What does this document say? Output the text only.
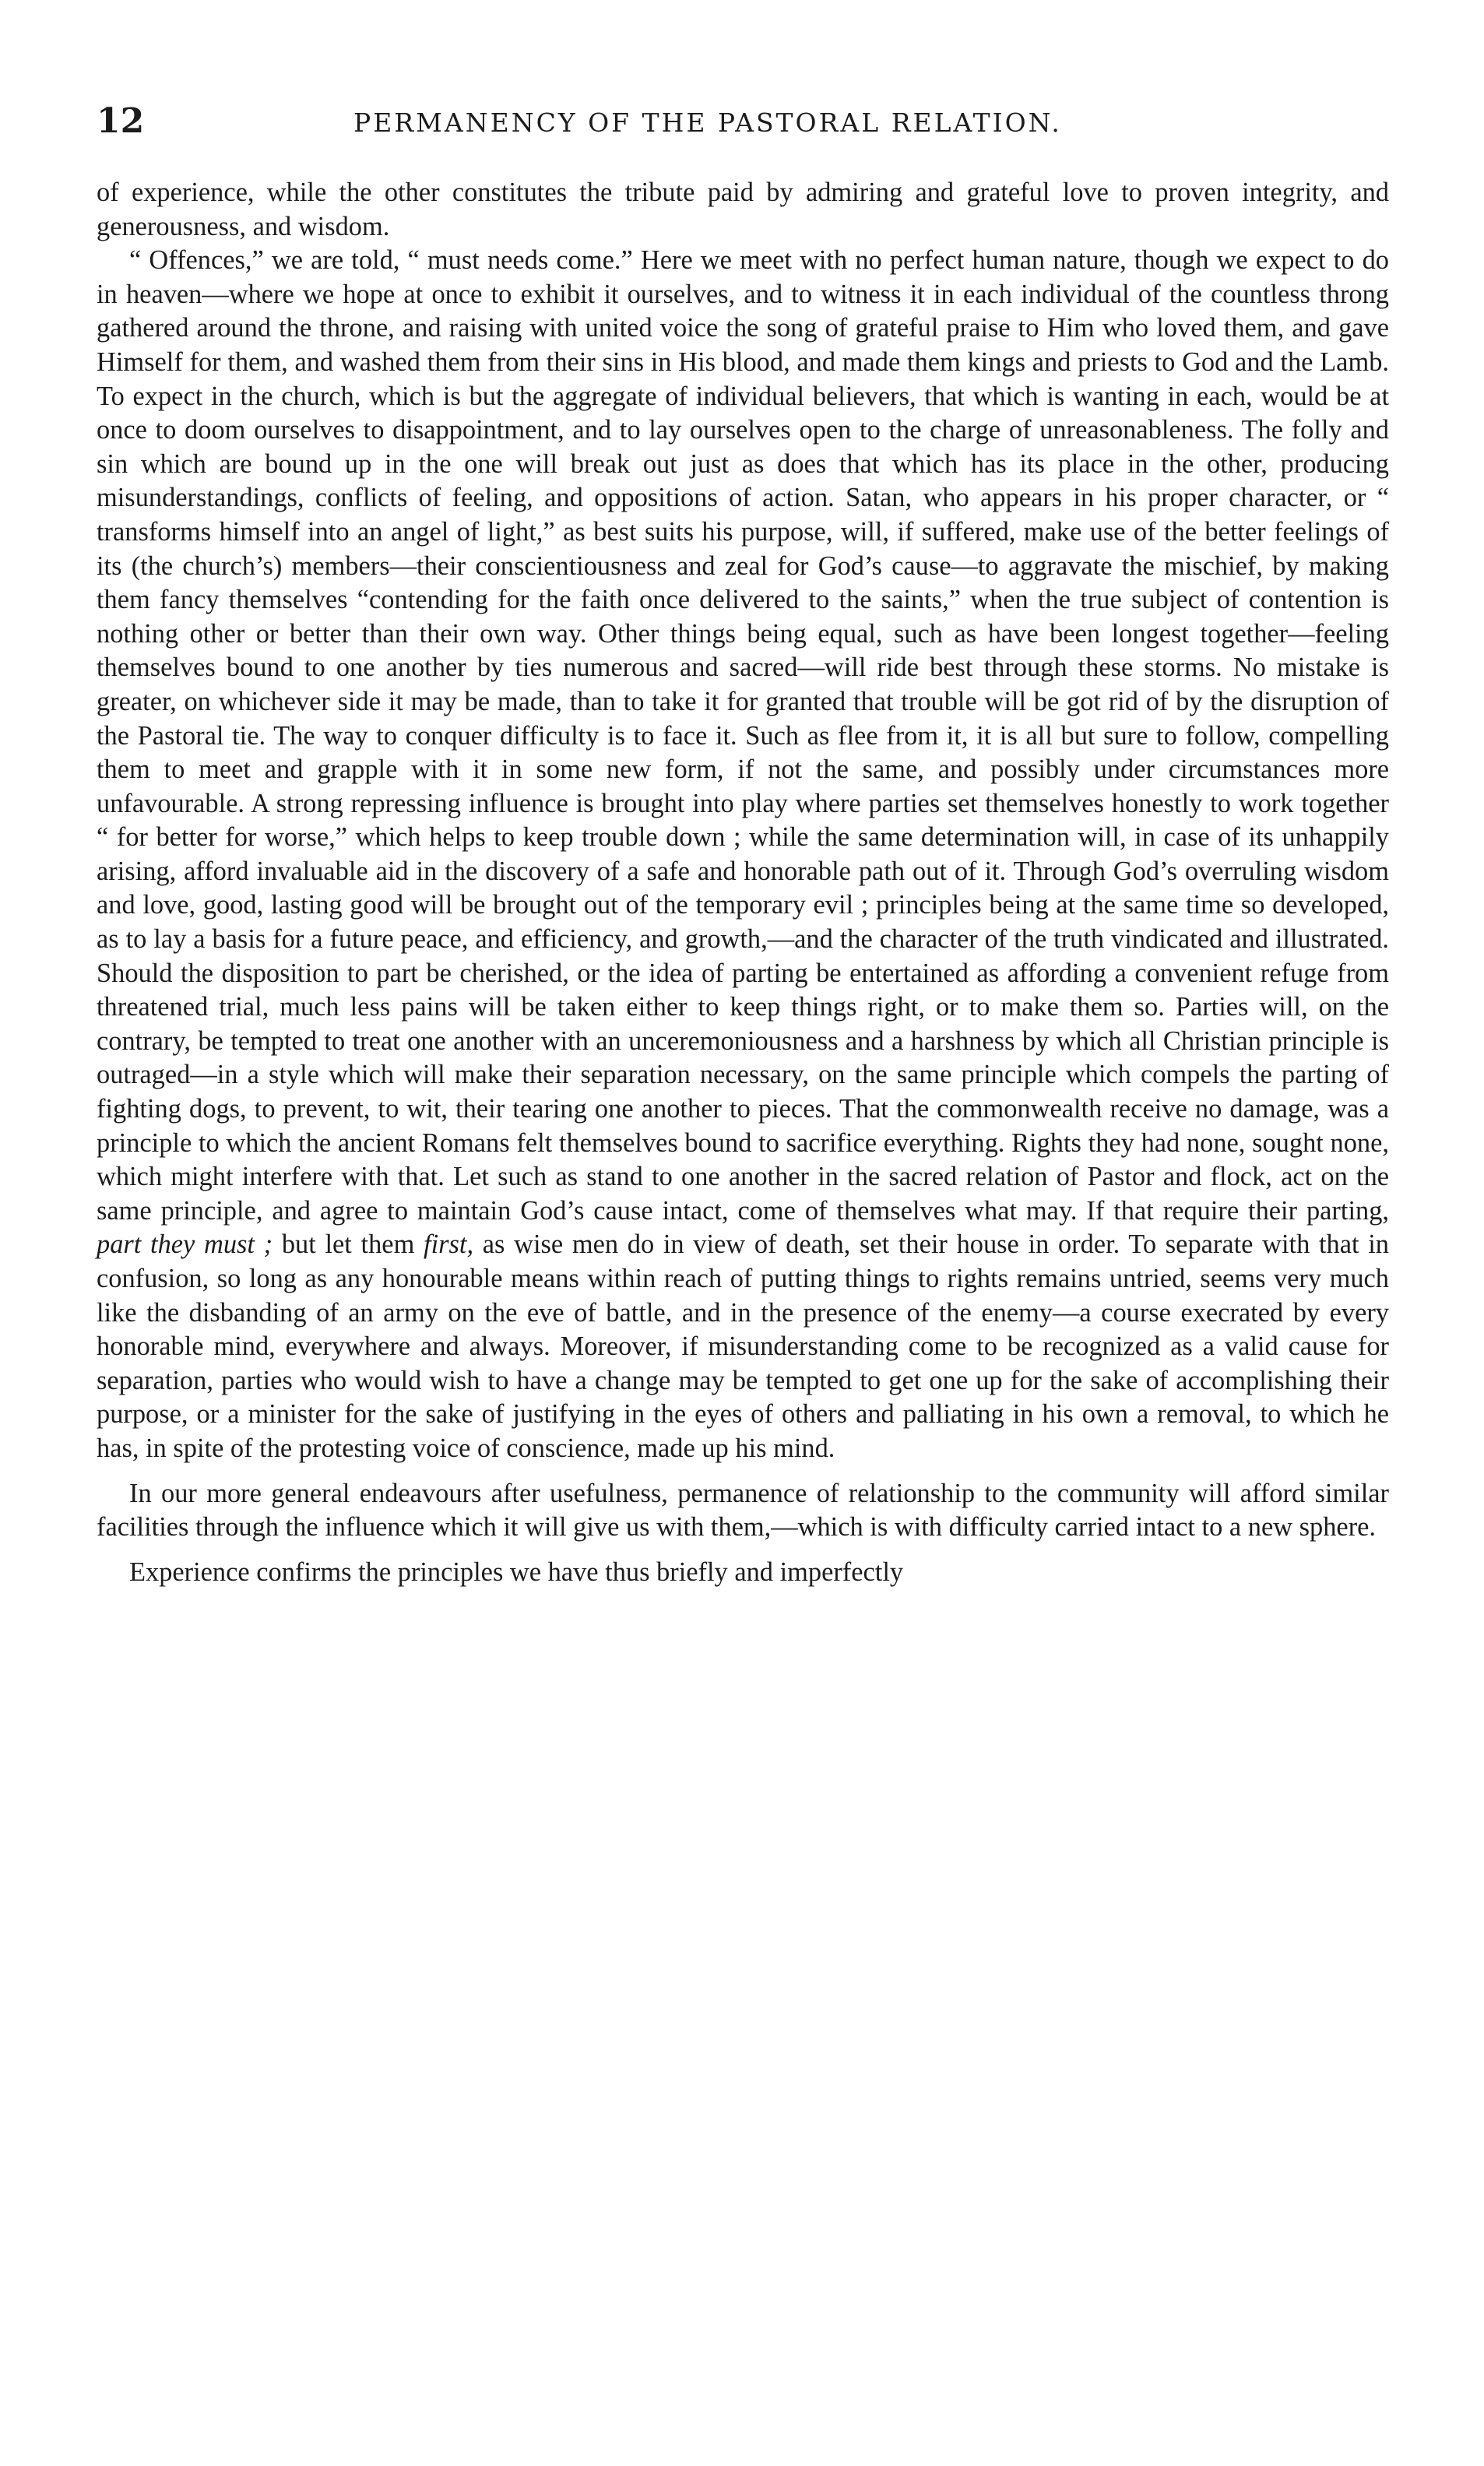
12	PERMANENCY OF THE PASTORAL RELATION.

of experience, while the other constitutes the tribute paid by admiring and grateful love to proven integrity, and generousness, and wisdom.

“ Offences,” we are told, “ must needs come.” Here we meet with no perfect human nature, though we expect to do in heaven—where we hope at once to exhibit it ourselves, and to witness it in each individual of the countless throng gathered around the throne, and raising with united voice the song of grateful praise to Him who loved them, and gave Himself for them, and washed them from their sins in His blood, and made them kings and priests to God and the Lamb. To expect in the church, which is but the aggregate of individual believers, that which is wanting in each, would be at once to doom ourselves to disappointment, and to lay ourselves open to the charge of unreasonableness. The folly and sin which are bound up in the one will break out just as does that which has its place in the other, producing misunderstandings, conflicts of feeling, and oppositions of action. Satan, who appears in his proper character, or “ transforms himself into an angel of light,” as best suits his purpose, will, if suffered, make use of the better feelings of its (the church’s) members—their conscientiousness and zeal for God’s cause—to aggravate the mischief, by making them fancy themselves “contending for the faith once delivered to the saints,” when the true subject of contention is nothing other or better than their own way. Other things being equal, such as have been longest together—feeling themselves bound to one another by ties numerous and sacred—will ride best through these storms. No mistake is greater, on whichever side it may be made, than to take it for granted that trouble will be got rid of by the disruption of the Pastoral tie. The way to conquer difficulty is to face it. Such as flee from it, it is all but sure to follow, compelling them to meet and grapple with it in some new form, if not the same, and possibly under circumstances more unfavourable. A strong repressing influence is brought into play where parties set themselves honestly to work together “ for better for worse,” which helps to keep trouble down ; while the same determination will, in case of its unhappily arising, afford invaluable aid in the discovery of a safe and honorable path out of it. Through God’s overruling wisdom and love, good, lasting good will be brought out of the temporary evil ; principles being at the same time so developed, as to lay a basis for a future peace, and efficiency, and growth,—and the character of the truth vindicated and illustrated. Should the disposition to part be cherished, or the idea of parting be entertained as affording a convenient refuge from threatened trial, much less pains will be taken either to keep things right, or to make them so. Parties will, on the contrary, be tempted to treat one another with an unceremoniousness and a harshness by which all Christian principle is outraged—in a style which will make their separation necessary, on the same principle which compels the parting of fighting dogs, to prevent, to wit, their tearing one another to pieces. That the commonwealth receive no damage, was a principle to which the ancient Romans felt themselves bound to sacrifice everything. Rights they had none, sought none, which might interfere with that. Let such as stand to one another in the sacred relation of Pastor and flock, act on the same principle, and agree to maintain God’s cause intact, come of themselves what may. If that require their parting, part they must ; but let them first, as wise men do in view of death, set their house in order. To separate with that in confusion, so long as any honourable means within reach of putting things to rights remains untried, seems very much like the disbanding of an army on the eve of battle, and in the presence of the enemy—a course execrated by every honorable mind, everywhere and always. Moreover, if misunderstanding come to be recognized as a valid cause for separation, parties who would wish to have a change may be tempted to get one up for the sake of accomplishing their purpose, or a minister for the sake of justifying in the eyes of others and palliating in his own a removal, to which he has, in spite of the protesting voice of conscience, made up his mind.

In our more general endeavours after usefulness, permanence of relationship to the community will afford similar facilities through the influence which it will give us with them,—which is with difficulty carried intact to a new sphere.

Experience confirms the principles we have thus briefly and imperfectly
